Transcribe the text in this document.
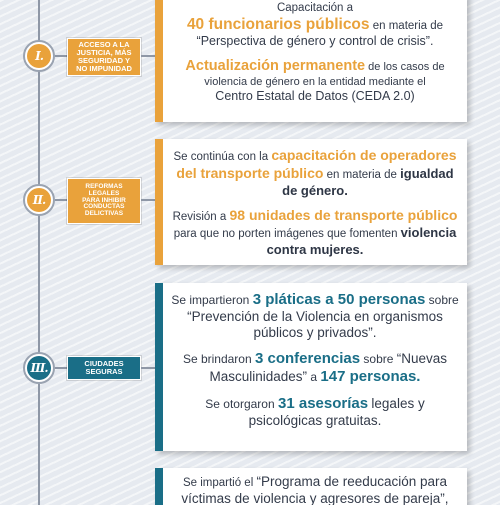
I.
ACCESO A LA
JUSTICIA, MÁS
SEGURIDAD Y
NO IMPUNIDAD

Capacitación a
40 funcionarios públicos en materia de
“Perspectiva de género y control de crisis”.

Actualización permanente de los casos de violencia de género en la entidad mediante el
Centro Estatal de Datos (CEDA 2.0)

II.
REFORMAS
LEGALES
PARA INHIBIR
CONDUCTAS
DELICTIVAS

Se continúa con la capacitación de operadores del transporte público en materia de igualdad de género.

Revisión a 98 unidades de transporte público para que no porten imágenes que fomenten violencia contra mujeres.

III.	CIUDADES
SEGURAS

Se impartieron 3 pláticas a 50 personas sobre “Prevención de la Violencia en organismos públicos y privados”.

Se brindaron 3 conferencias sobre “Nuevas Masculinidades” a 147 personas.

Se otorgaron 31 asesorías legales y psicológicas gratuitas.

Se impartió el “Programa de reeducación para víctimas de violencia y agresores de pareja”,
